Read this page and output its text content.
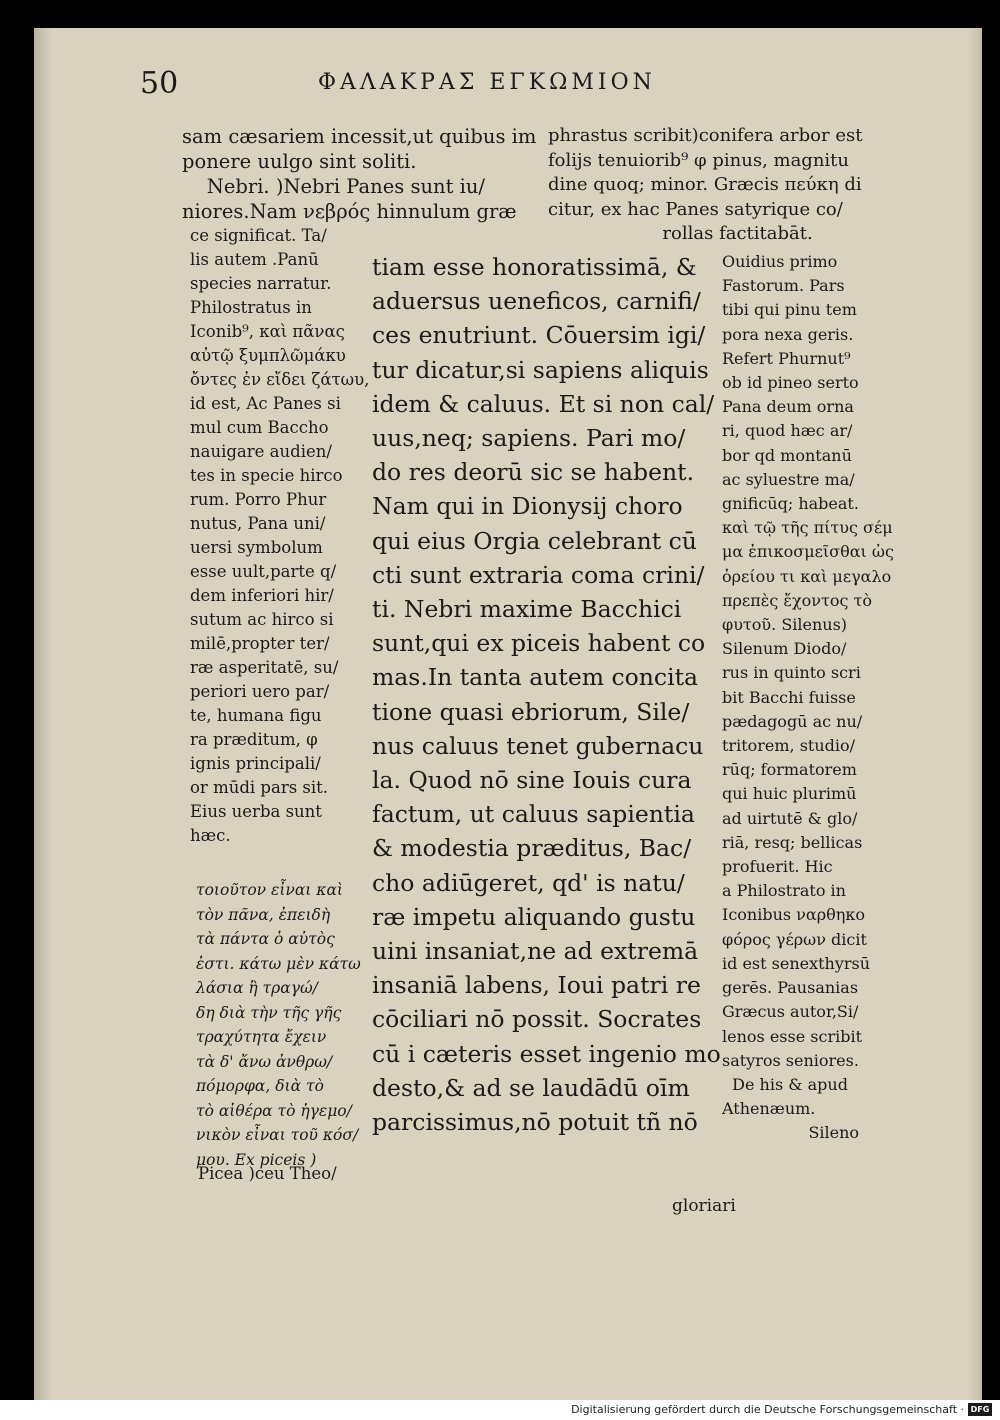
50	ΦΑΛΑΚΡΑΣ ΕΓΚΩΜΙΟΝ
sam cæsariem incessit,ut quibus im
ponere uulgo sint soliti.
Nebri. )Nebri Panes sunt iu/
niores.Nam νεβρός hinnulum græ
ce significat. Ta/
lis autem .Panū
species narratur.
Philostratus in
Iconib⁹, καὶ πᾶνας
αὐτῷ ξυμπλῶμάκυ
ὄντες ἐν εἴδει ζάτωυ,
id est, Ac Panes si
mul cum Baccho
nauigare audien/
tes in specie hirco
rum. Porro Phur
nutus, Pana uni/
uersi symbolum
esse uult,parte q/
dem inferiori hir/
sutum ac hirco si
milē,propter ter/
ræ asperitatē, su/
periori uero par/
te, humana figu
ra præditum, φ
ignis principali/
or mūdi pars sit.
Eius uerba sunt
hæc.
τοιοῦτον εἶναι καὶ
τὸν πᾶνα, ἐπειδὴ
τὰ πάντα ὁ αὐτὸς
ἐστι. κάτω μὲν κάτω
λάσια ἢ τραγώ/
δη διὰ τὴν τῆς γῆς
τραχύτητα ἔχειν
τὰ δ' ἄνω ἀνθρω/
πόμορφα, διὰ τὸ
τὸ αἰθέρα τὸ ἡγεμο/
νικὸν εἶναι τοῦ κόσ/
μου. Ex piceis )
Picea )ceu Theo/
tiam esse honoratissimā, &
aduersus ueneficos, carnifi/
ces enutriunt. Cōuersim igi/
tur dicatur,si sapiens aliquis
idem & caluus. Et si non cal/
uus,neq; sapiens. Pari mo/
do res deorū sic se habent.
Nam qui in Dionysij choro
qui eius Orgia celebrant cū
cti sunt extraria coma crini/
ti. Nebri maxime Bacchici
sunt,qui ex piceis habent co
mas.In tanta autem concita
tione quasi ebriorum, Sile/
nus caluus tenet gubernacu
la. Quod nō sine Iouis cura
factum, ut caluus sapientia
& modestia præditus, Bac/
cho adiūgeret, qd' is natu/
ræ impetu aliquando gustu
uini insaniat,ne ad extremā
insaniā labens, Ioui patri re
cōciliari nō possit. Socrates
cū i cæteris esset ingenio mo
desto,& ad se laudādū oīm
parcissimus,nō potuit tñ nō
phrastus scribit)conifera arbor est
folijs tenuiorib⁹ φ pinus, magnitu
dine quoq; minor. Græcis πεύκη di
citur, ex hac Panes satyrique co/
rollas factitabāt.
Ouidius primo
Fastorum. Pars
tibi qui pinu tem
pora nexa geris.
Refert Phurnut⁹
ob id pineo serto
Pana deum orna
ri, quod hæc ar/
bor qd montanū
ac syluestre ma/
gnificūq; habeat.
καὶ τῷ τῆς πίτυς σέμ
μα ἐπικοσμεῖσθαι ὡς
ὀρείου τι καὶ μεγαλο
πρεπὲς ἔχοντος τὸ
φυτοῦ. Silenus)
Silenum Diodo/
rus in quinto scri
bit Bacchi fuisse
pædagogū ac nu/
tritorem, studio/
rūq; formatorem
qui huic plurimū
ad uirtutē & glo/
riā, resq; bellicas
profuerit. Hic
a Philostrato in
Iconibus ναρθηκο
φόρος γέρων dicit
id est senexthyrsū
gerēs. Pausanias
Græcus autor,Si/
lenos esse scribit
satyros seniores.
De his & apud
Athenæum.
Sileno
gloriari
Digitalisierung gefördert durch die Deutsche Forschungsgemeinschaft · DFG
